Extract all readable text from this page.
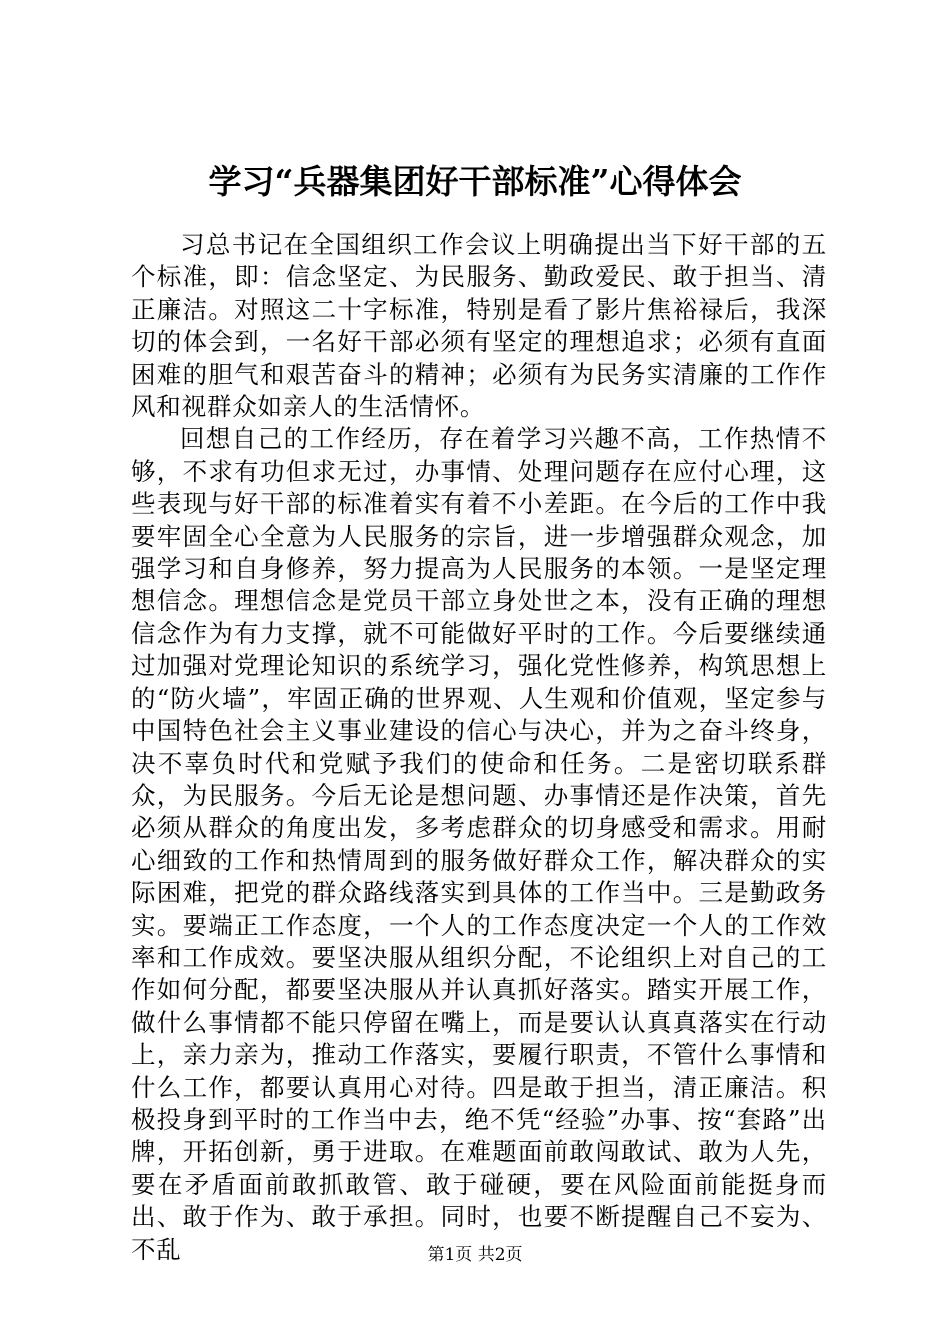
学习“兵器集团好干部标准”心得体会

习总书记在全国组织工作会议上明确提出当下好干部的五个标准，即：信念坚定、为民服务、勤政爱民、敢于担当、清正廉洁。对照这二十字标准，特别是看了影片焦裕禄后，我深切的体会到，一名好干部必须有坚定的理想追求；必须有直面困难的胆气和艰苦奋斗的精神；必须有为民务实清廉的工作作风和视群众如亲人的生活情怀。

回想自己的工作经历，存在着学习兴趣不高，工作热情不够，不求有功但求无过，办事情、处理问题存在应付心理，这些表现与好干部的标准着实有着不小差距。在今后的工作中我要牢固全心全意为人民服务的宗旨，进一步增强群众观念，加强学习和自身修养，努力提高为人民服务的本领。一是坚定理想信念。理想信念是党员干部立身处世之本，没有正确的理想信念作为有力支撑，就不可能做好平时的工作。今后要继续通过加强对党理论知识的系统学习，强化党性修养，构筑思想上的“防火墙”，牢固正确的世界观、人生观和价值观，坚定参与中国特色社会主义事业建设的信心与决心，并为之奋斗终身，决不辜负时代和党赋予我们的使命和任务。二是密切联系群众，为民服务。今后无论是想问题、办事情还是作决策，首先必须从群众的角度出发，多考虑群众的切身感受和需求。用耐心细致的工作和热情周到的服务做好群众工作，解决群众的实际困难，把党的群众路线落实到具体的工作当中。三是勤政务实。要端正工作态度，一个人的工作态度决定一个人的工作效率和工作成效。要坚决服从组织分配，不论组织上对自己的工作如何分配，都要坚决服从并认真抓好落实。踏实开展工作，做什么事情都不能只停留在嘴上，而是要认认真真落实在行动上，亲力亲为，推动工作落实，要履行职责，不管什么事情和什么工作，都要认真用心对待。四是敢于担当，清正廉洁。积极投身到平时的工作当中去，绝不凭“经验”办事、按“套路”出牌，开拓创新，勇于进取。在难题面前敢闯敢试、敢为人先，要在矛盾面前敢抓敢管、敢于碰硬，要在风险面前能挺身而出、敢于作为、敢于承担。同时，也要不断提醒自己不妄为、不乱	第1页 共2页
